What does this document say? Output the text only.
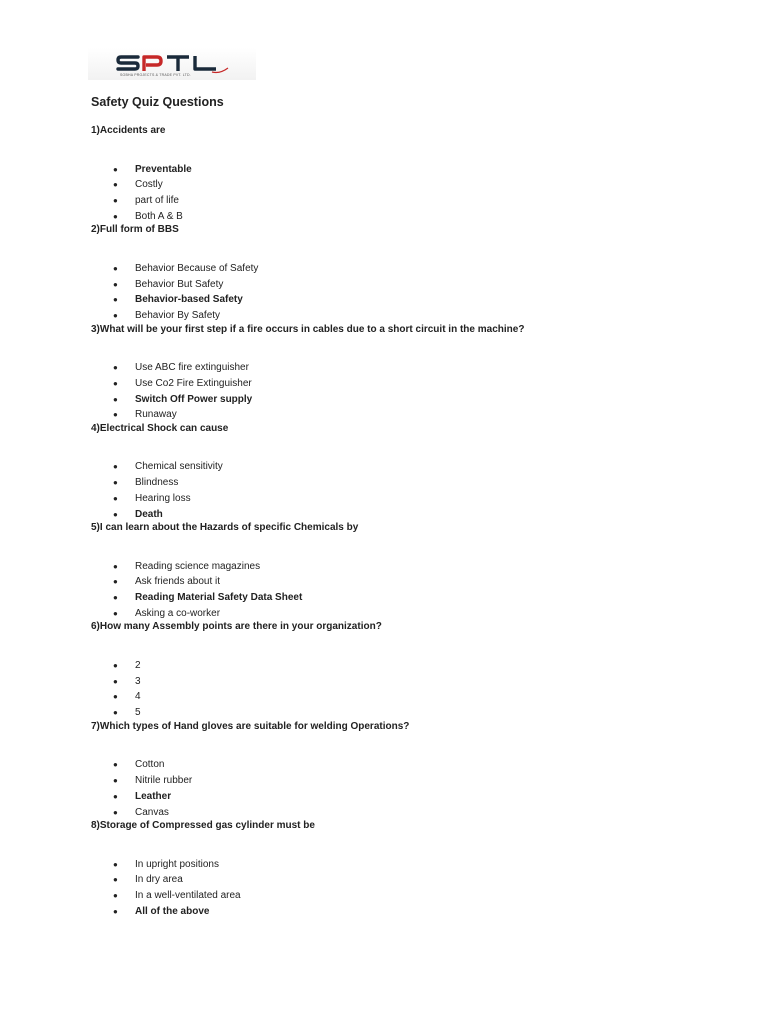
SOBHA PROJECTS & TRADE PVT. LTD.
Safety Quiz Questions
1)Accidents are
● Preventable
● Costly
● part of life
● Both A & B
2)Full form of BBS
● Behavior Because of Safety
● Behavior But Safety
● Behavior-based Safety
● Behavior By Safety
3)What will be your first step if a fire occurs in cables due to a short circuit in the machine?
● Use ABC fire extinguisher
● Use Co2 Fire Extinguisher
● Switch Off Power supply
● Runaway
4)Electrical Shock can cause
● Chemical sensitivity
● Blindness
● Hearing loss
● Death
5)I can learn about the Hazards of specific Chemicals by
● Reading science magazines
● Ask friends about it
● Reading Material Safety Data Sheet
● Asking a co-worker
6)How many Assembly points are there in your organization?
● 2
● 3
● 4
● 5
7)Which types of Hand gloves are suitable for welding Operations?
● Cotton
● Nitrile rubber
● Leather
● Canvas
8)Storage of Compressed gas cylinder must be
● In upright positions
● In dry area
● In a well-ventilated area
● All of the above
